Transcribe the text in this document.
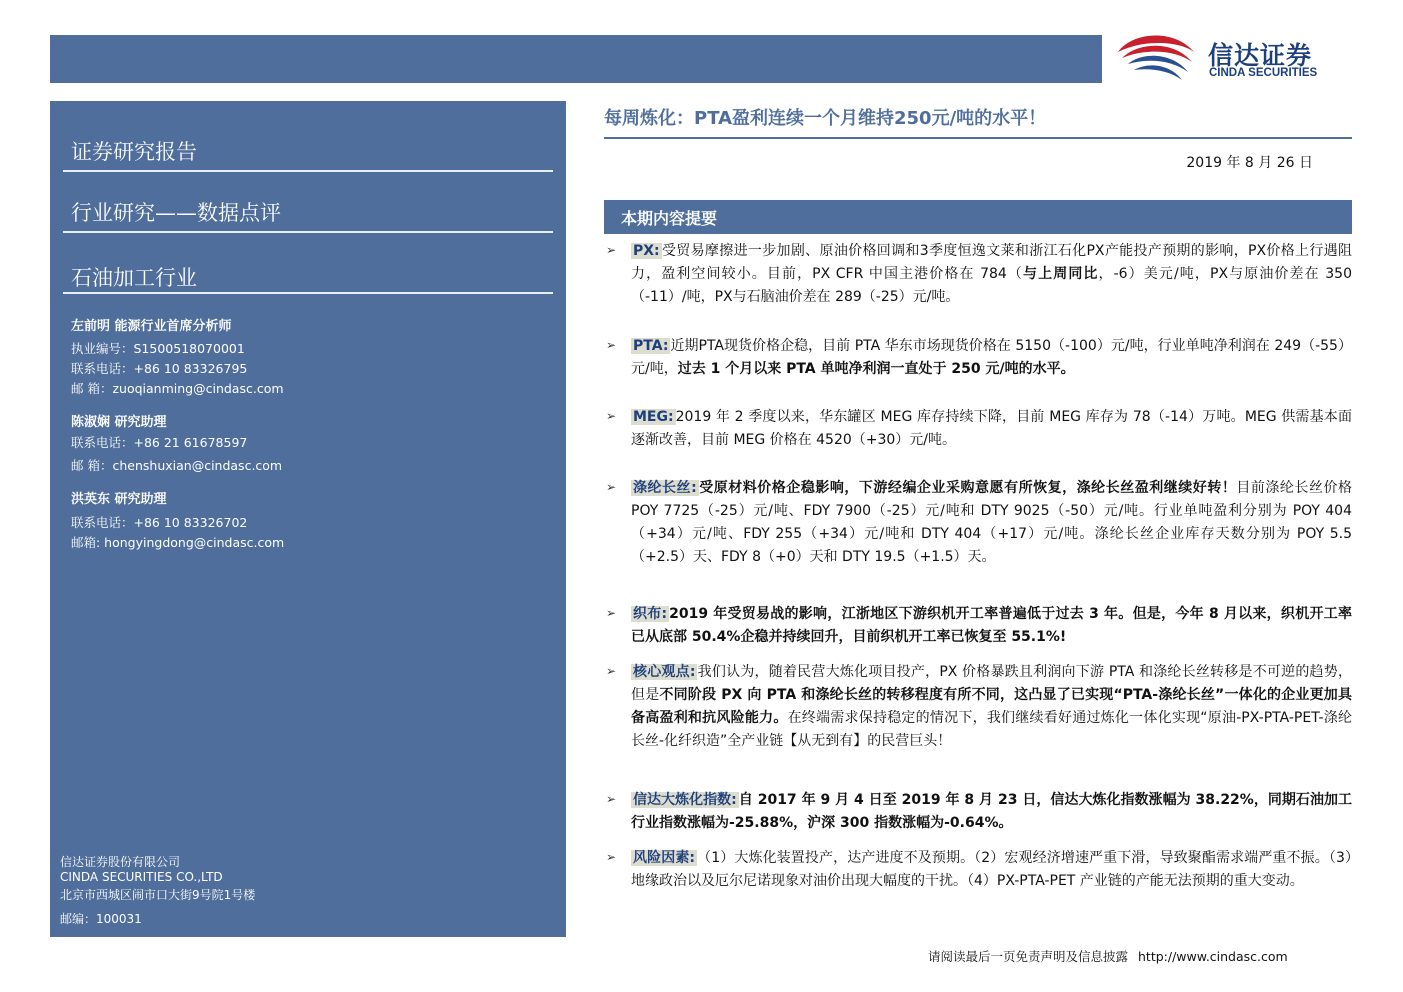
信达证券
CINDA SECURITIES
证券研究报告
行业研究——数据点评
石油加工行业
左前明 能源行业首席分析师
执业编号：S1500518070001
联系电话：+86 10 83326795
邮 箱：zuoqianming@cindasc.com
陈淑娴 研究助理
联系电话：+86 21 61678597
邮 箱：chenshuxian@cindasc.com
洪英东 研究助理
联系电话：+86 10 83326702
邮箱: hongyingdong@cindasc.com
信达证券股份有限公司
CINDA SECURITIES CO.,LTD
北京市西城区闹市口大街9号院1号楼
邮编：100031
每周炼化：PTA盈利连续一个月维持250元/吨的水平！
2019 年 8 月 26 日
本期内容提要
➢ PX: 受贸易摩擦进一步加剧、原油价格回调和3季度恒逸文莱和浙江石化PX产能投产预期的影响，PX价格上行遇阻力，盈利空间较小。目前，PX CFR 中国主港价格在 784（与上周同比，-6）美元/吨，PX与原油价差在 350（-11）/吨，PX与石脑油价差在 289（-25）元/吨。
➢ PTA: 近期PTA现货价格企稳，目前 PTA 华东市场现货价格在 5150（-100）元/吨，行业单吨净利润在 249（-55）元/吨，过去 1 个月以来 PTA 单吨净利润一直处于 250 元/吨的水平。
➢ MEG: 2019 年 2 季度以来，华东罐区 MEG 库存持续下降，目前 MEG 库存为 78（-14）万吨。MEG 供需基本面逐渐改善，目前 MEG 价格在 4520（+30）元/吨。
➢ 涤纶长丝: 受原材料价格企稳影响，下游经编企业采购意愿有所恢复，涤纶长丝盈利继续好转！目前涤纶长丝价格 POY 7725（-25）元/吨、FDY 7900（-25）元/吨和 DTY 9025（-50）元/吨。行业单吨盈利分别为 POY 404（+34）元/吨、FDY 255（+34）元/吨和 DTY 404（+17）元/吨。涤纶长丝企业库存天数分别为 POY 5.5（+2.5）天、FDY 8（+0）天和 DTY 19.5（+1.5）天。
➢ 织布: 2019 年受贸易战的影响，江浙地区下游织机开工率普遍低于过去 3 年。但是，今年 8 月以来，织机开工率已从底部 50.4%企稳并持续回升，目前织机开工率已恢复至 55.1%!
➢ 核心观点: 我们认为，随着民营大炼化项目投产，PX 价格暴跌且利润向下游 PTA 和涤纶长丝转移是不可逆的趋势，但是不同阶段 PX 向 PTA 和涤纶长丝的转移程度有所不同，这凸显了已实现“PTA-涤纶长丝”一体化的企业更加具备高盈利和抗风险能力。在终端需求保持稳定的情况下，我们继续看好通过炼化一体化实现“原油-PX-PTA-PET-涤纶长丝-化纤织造”全产业链【从无到有】的民营巨头！
➢ 信达大炼化指数: 自 2017 年 9 月 4 日至 2019 年 8 月 23 日，信达大炼化指数涨幅为 38.22%，同期石油加工行业指数涨幅为-25.88%，沪深 300 指数涨幅为-0.64%。
➢ 风险因素: （1）大炼化装置投产，达产进度不及预期。（2）宏观经济增速严重下滑，导致聚酯需求端严重不振。（3）地缘政治以及厄尔尼诺现象对油价出现大幅度的干扰。（4）PX-PTA-PET 产业链的产能无法预期的重大变动。
请阅读最后一页免责声明及信息披露 http://www.cindasc.com
